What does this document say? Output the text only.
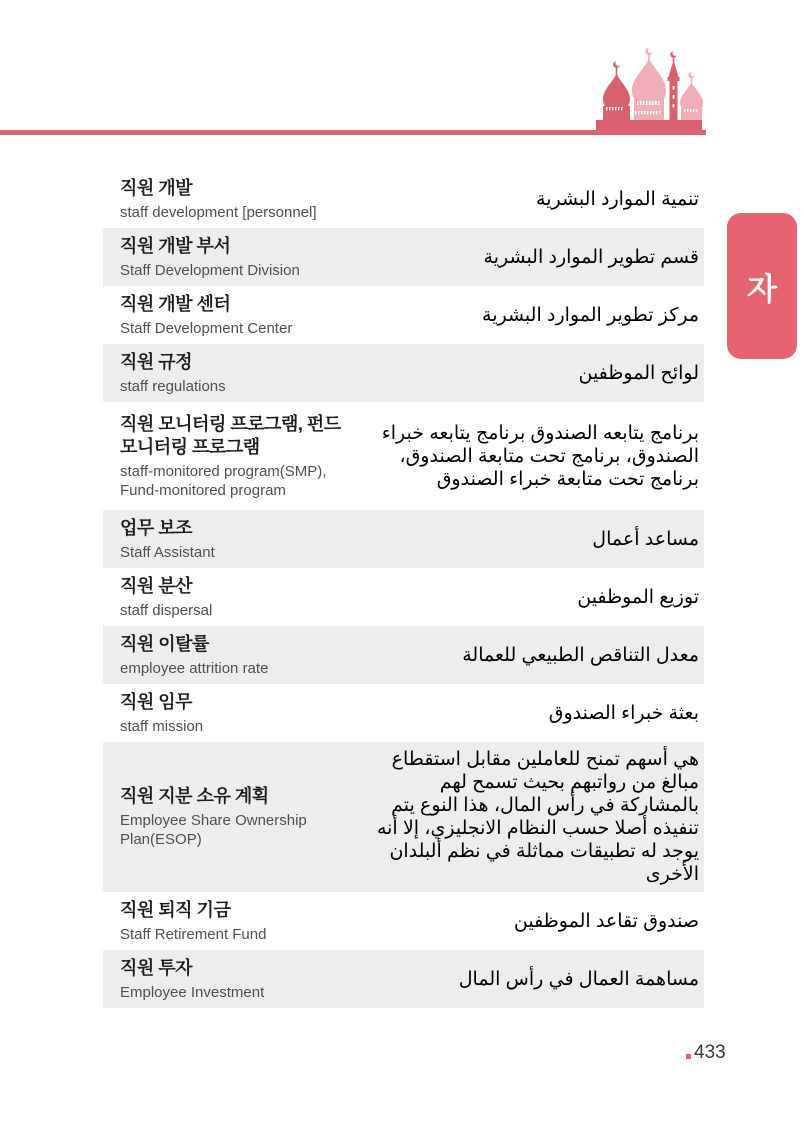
자
직원 개발
staff development [personnel]
تنمية الموارد البشرية
직원 개발 부서
Staff Development Division
قسم تطوير الموارد البشرية
직원 개발 센터
Staff Development Center
مركز تطوير الموارد البشرية
직원 규정
staff regulations
لوائح الموظفين
직원 모니터링 프로그램, 펀드 모니터링 프로그램
staff-monitored program(SMP), Fund-monitored program
برنامج يتابعه الصندوق برنامج يتابعه خبراء الصندوق، برنامج تحت متابعة الصندوق، برنامج تحت متابعة خبراء الصندوق
업무 보조
Staff Assistant
مساعد أعمال
직원 분산
staff dispersal
توزيع الموظفين
직원 이탈률
employee attrition rate
معدل التناقص الطبيعي للعمالة
직원 임무
staff mission
بعثة خبراء الصندوق
직원 지분 소유 계획
Employee Share Ownership Plan(ESOP)
هي أسهم تمنح للعاملين مقابل استقطاع مبالغ من رواتبهم بحيث تسمح لهم بالمشاركة في رأس المال، هذا النوع يتم تنفيذه أصلا حسب النظام الانجليزي، إلا أنه يوجد له تطبيقات مماثلة في نظم ألبلدان الأخرى
직원 퇴직 기금
Staff Retirement Fund
صندوق تقاعد الموظفين
직원 투자
Employee Investment
مساهمة العمال في رأس المال
433
